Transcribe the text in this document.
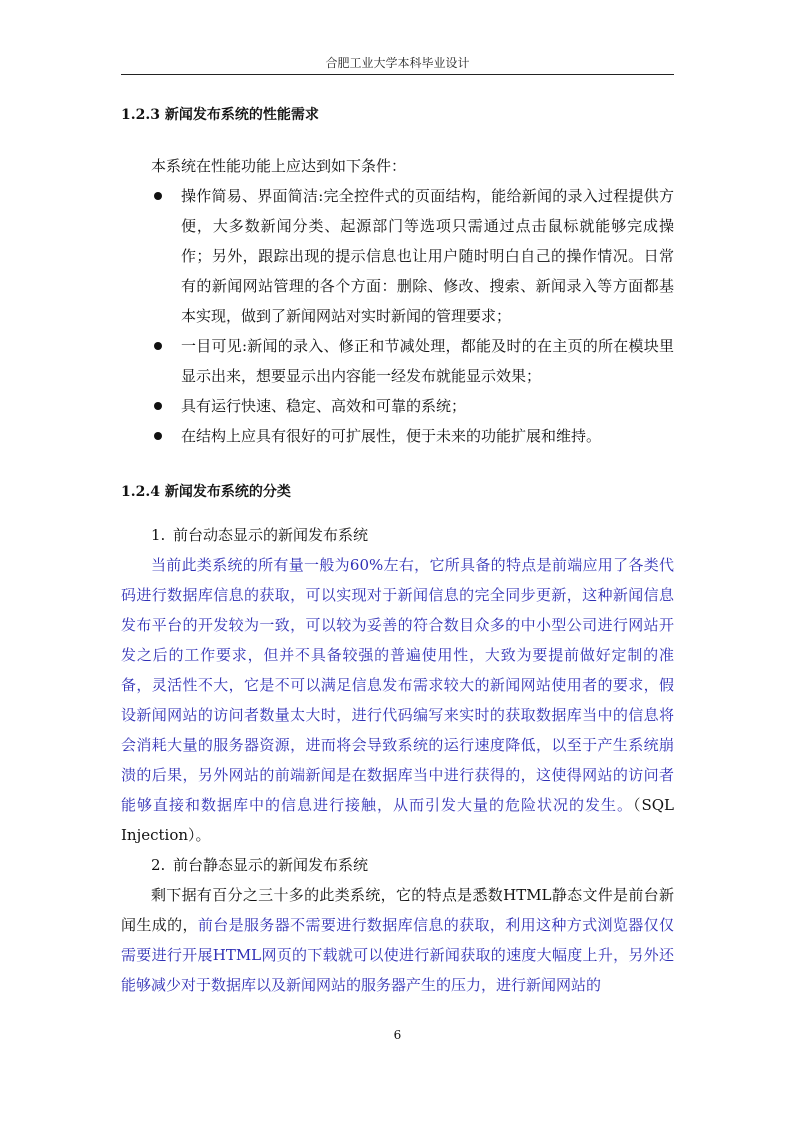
合肥工业大学本科毕业设计
1.2.3 新闻发布系统的性能需求

本系统在性能功能上应达到如下条件：

操作简易、界面简洁:完全控件式的页面结构，能给新闻的录入过程提供方便，大多数新闻分类、起源部门等选项只需通过点击鼠标就能够完成操作；另外，跟踪出现的提示信息也让用户随时明白自己的操作情况。日常有的新闻网站管理的各个方面：删除、修改、搜索、新闻录入等方面都基本实现，做到了新闻网站对实时新闻的管理要求；
一目可见:新闻的录入、修正和节减处理，都能及时的在主页的所在模块里显示出来，想要显示出内容能一经发布就能显示效果；
具有运行快速、稳定、高效和可靠的系统；
在结构上应具有很好的可扩展性，便于未来的功能扩展和维持。
1.2.4 新闻发布系统的分类

1. 前台动态显示的新闻发布系统

当前此类系统的所有量一般为60%左右，它所具备的特点是前端应用了各类代码进行数据库信息的获取，可以实现对于新闻信息的完全同步更新，这种新闻信息发布平台的开发较为一致，可以较为妥善的符合数目众多的中小型公司进行网站开发之后的工作要求，但并不具备较强的普遍使用性，大致为要提前做好定制的准备，灵活性不大，它是不可以满足信息发布需求较大的新闻网站使用者的要求，假设新闻网站的访问者数量太大时，进行代码编写来实时的获取数据库当中的信息将会消耗大量的服务器资源，进而将会导致系统的运行速度降低，以至于产生系统崩溃的后果，另外网站的前端新闻是在数据库当中进行获得的，这使得网站的访问者能够直接和数据库中的信息进行接触，从而引发大量的危险状况的发生。（SQL Injection）。

2. 前台静态显示的新闻发布系统

剩下据有百分之三十多的此类系统，它的特点是悉数HTML静态文件是前台新闻生成的，前台是服务器不需要进行数据库信息的获取，利用这种方式浏览器仅仅需要进行开展HTML网页的下载就可以使进行新闻获取的速度大幅度上升，另外还能够减少对于数据库以及新闻网站的服务器产生的压力，进行新闻网站的

6
